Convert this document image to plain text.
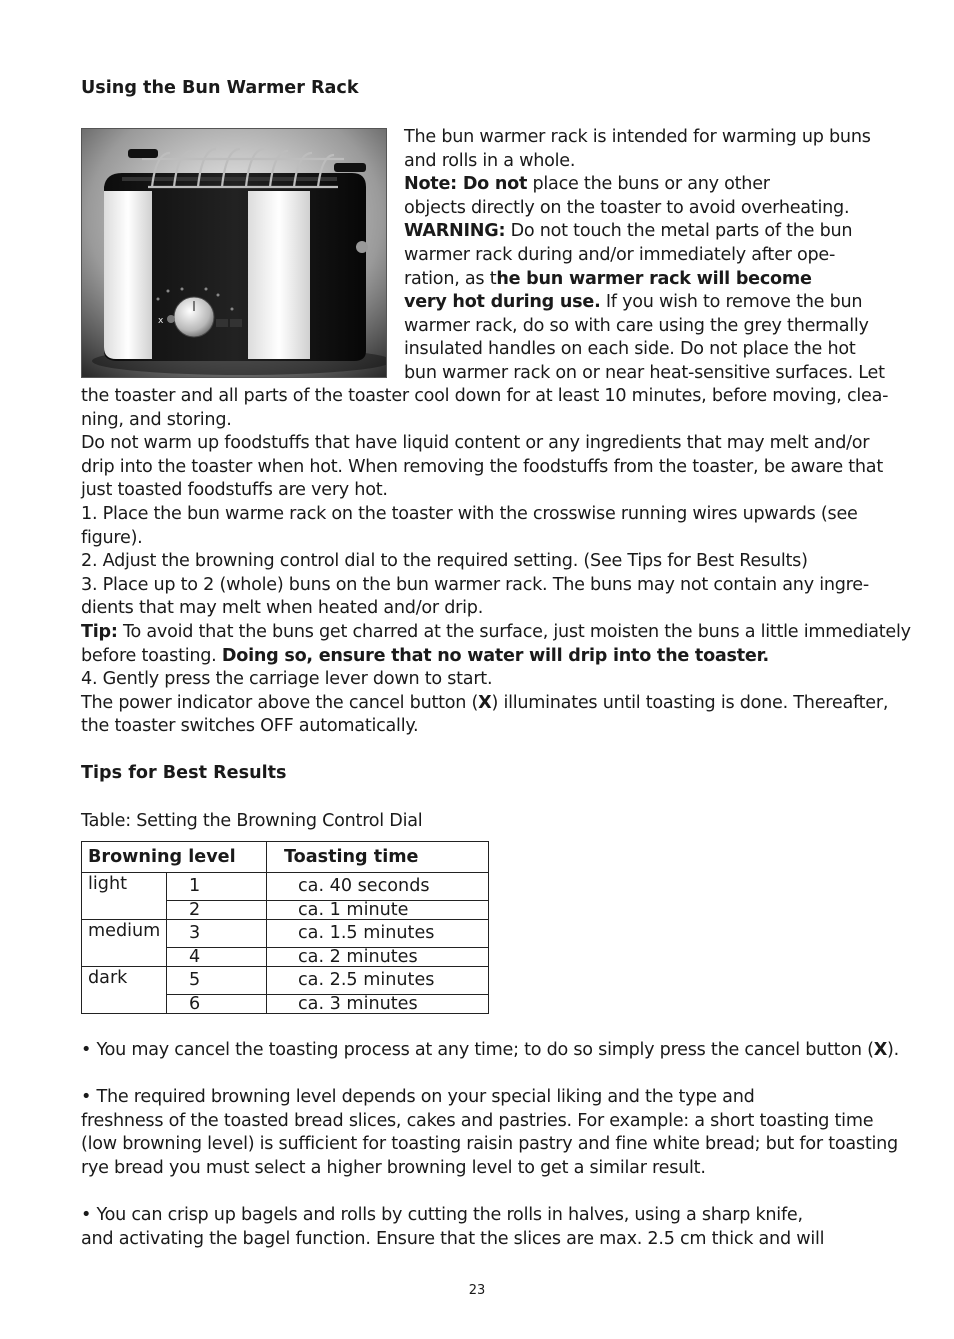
Using the Bun Warmer Rack
x
The bun warmer rack is intended for warming up buns
and rolls in a whole.
Note: Do not place the buns or any other
objects directly on the toaster to avoid overheating.
WARNING: Do not touch the metal parts of the bun
warmer rack during and/or immediately after ope-
ration, as the bun warmer rack will become
very hot during use. If you wish to remove the bun
warmer rack, do so with care using the grey thermally
insulated handles on each side. Do not place the hot
bun warmer rack on or near heat-sensitive surfaces. Let
the toaster and all parts of the toaster cool down for at least 10 minutes, before moving, clea-
ning, and storing.
Do not warm up foodstuffs that have liquid content or any ingredients that may melt and/or
drip into the toaster when hot. When removing the foodstuffs from the toaster, be aware that
just toasted foodstuffs are very hot.
1. Place the bun warme rack on the toaster with the crosswise running wires upwards (see
figure).
2. Adjust the browning control dial to the required setting. (See Tips for Best Results)
3. Place up to 2 (whole) buns on the bun warmer rack. The buns may not contain any ingre-
dients that may melt when heated and/or drip.
Tip: To avoid that the buns get charred at the surface, just moisten the buns a little immediately
before toasting. Doing so, ensure that no water will drip into the toaster.
4. Gently press the carriage lever down to start.
The power indicator above the cancel button (X) illuminates until toasting is done. Thereafter,
the toaster switches OFF automatically.
Tips for Best Results
Table: Setting the Browning Control Dial
Browning level		Toasting time
light	1	ca. 40 seconds
	2	ca. 1 minute
medium	3	ca. 1.5 minutes
	4	ca. 2 minutes
dark	5	ca. 2.5 minutes
	6	ca. 3 minutes
• You may cancel the toasting process at any time; to do so simply press the cancel button (X).
• The required browning level depends on your special liking and the type and
freshness of the toasted bread slices, cakes and pastries. For example: a short toasting time
(low browning level) is sufficient for toasting raisin pastry and fine white bread; but for toasting
rye bread you must select a higher browning level to get a similar result.
• You can crisp up bagels and rolls by cutting the rolls in halves, using a sharp knife,
and activating the bagel function. Ensure that the slices are max. 2.5 cm thick and will
23
